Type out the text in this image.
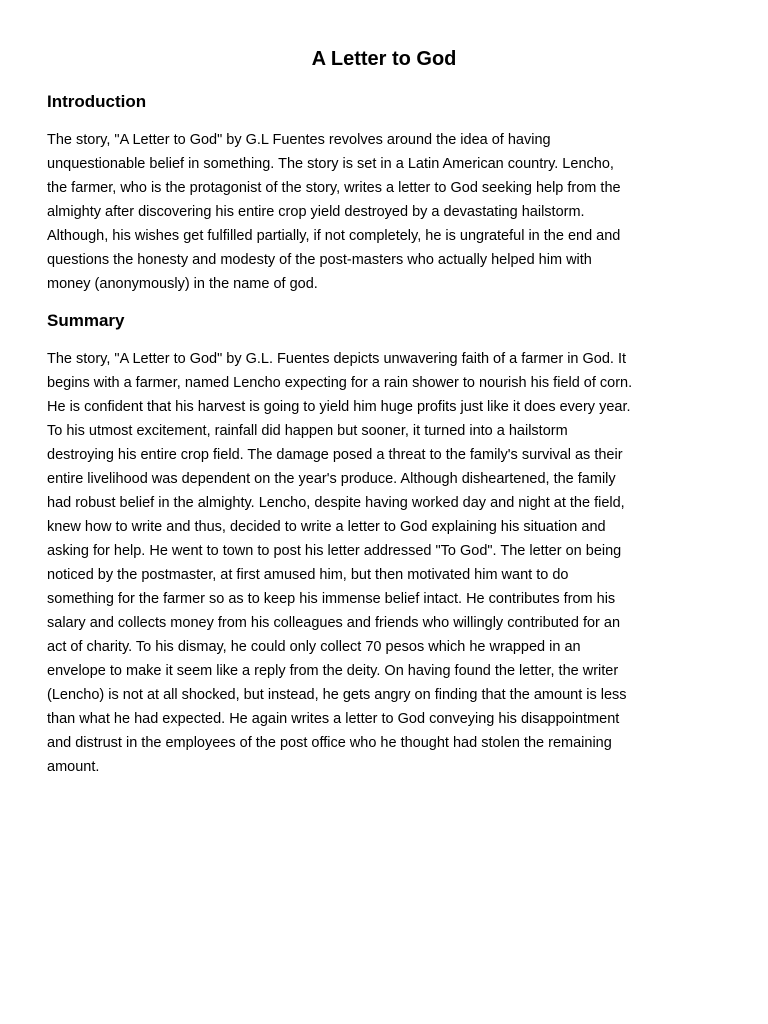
A Letter to God
Introduction

The story, "A Letter to God" by G.L Fuentes revolves around the idea of having
unquestionable belief in something. The story is set in a Latin American country. Lencho,
the farmer, who is the protagonist of the story, writes a letter to God seeking help from the
almighty after discovering his entire crop yield destroyed by a devastating hailstorm.
Although, his wishes get fulfilled partially, if not completely, he is ungrateful in the end and
questions the honesty and modesty of the post-masters who actually helped him with
money (anonymously) in the name of god.

Summary

The story, "A Letter to God" by G.L. Fuentes depicts unwavering faith of a farmer in God. It
begins with a farmer, named Lencho expecting for a rain shower to nourish his field of corn.
He is confident that his harvest is going to yield him huge profits just like it does every year.
To his utmost excitement, rainfall did happen but sooner, it turned into a hailstorm
destroying his entire crop field. The damage posed a threat to the family's survival as their
entire livelihood was dependent on the year's produce. Although disheartened, the family
had robust belief in the almighty. Lencho, despite having worked day and night at the field,
knew how to write and thus, decided to write a letter to God explaining his situation and
asking for help. He went to town to post his letter addressed "To God". The letter on being
noticed by the postmaster, at first amused him, but then motivated him want to do
something for the farmer so as to keep his immense belief intact. He contributes from his
salary and collects money from his colleagues and friends who willingly contributed for an
act of charity. To his dismay, he could only collect 70 pesos which he wrapped in an
envelope to make it seem like a reply from the deity. On having found the letter, the writer
(Lencho) is not at all shocked, but instead, he gets angry on finding that the amount is less
than what he had expected. He again writes a letter to God conveying his disappointment
and distrust in the employees of the post office who he thought had stolen the remaining
amount.
